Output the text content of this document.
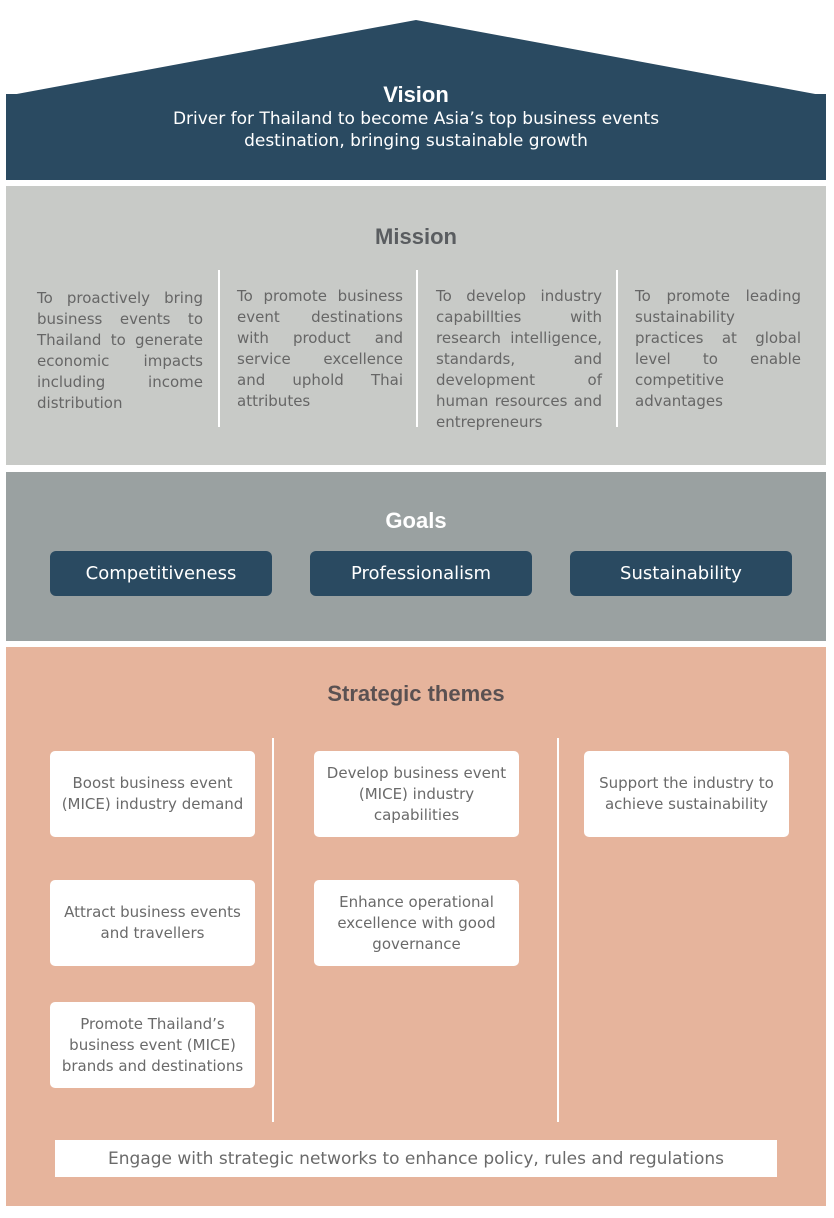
Vision
Driver for Thailand to become Asia’s top business events destination, bringing sustainable growth
Mission
To proactively bring business events to Thailand to generate economic impacts including income distribution
To promote business event destinations with product and service excellence and uphold Thai attributes
To develop industry capabillties with research intelligence, standards, and development of human resources and entrepreneurs
To promote leading sustainability practices at global level to enable competitive advantages
Goals
Competitiveness	Professionalism	Sustainability
Strategic themes
Boost business event (MICE) industry demand
Attract business events and travellers
Promote Thailand’s business event (MICE) brands and destinations
Develop business event (MICE) industry capabilities
Enhance operational excellence with good governance
Support the industry to achieve sustainability
Engage with strategic networks to enhance policy, rules and regulations
